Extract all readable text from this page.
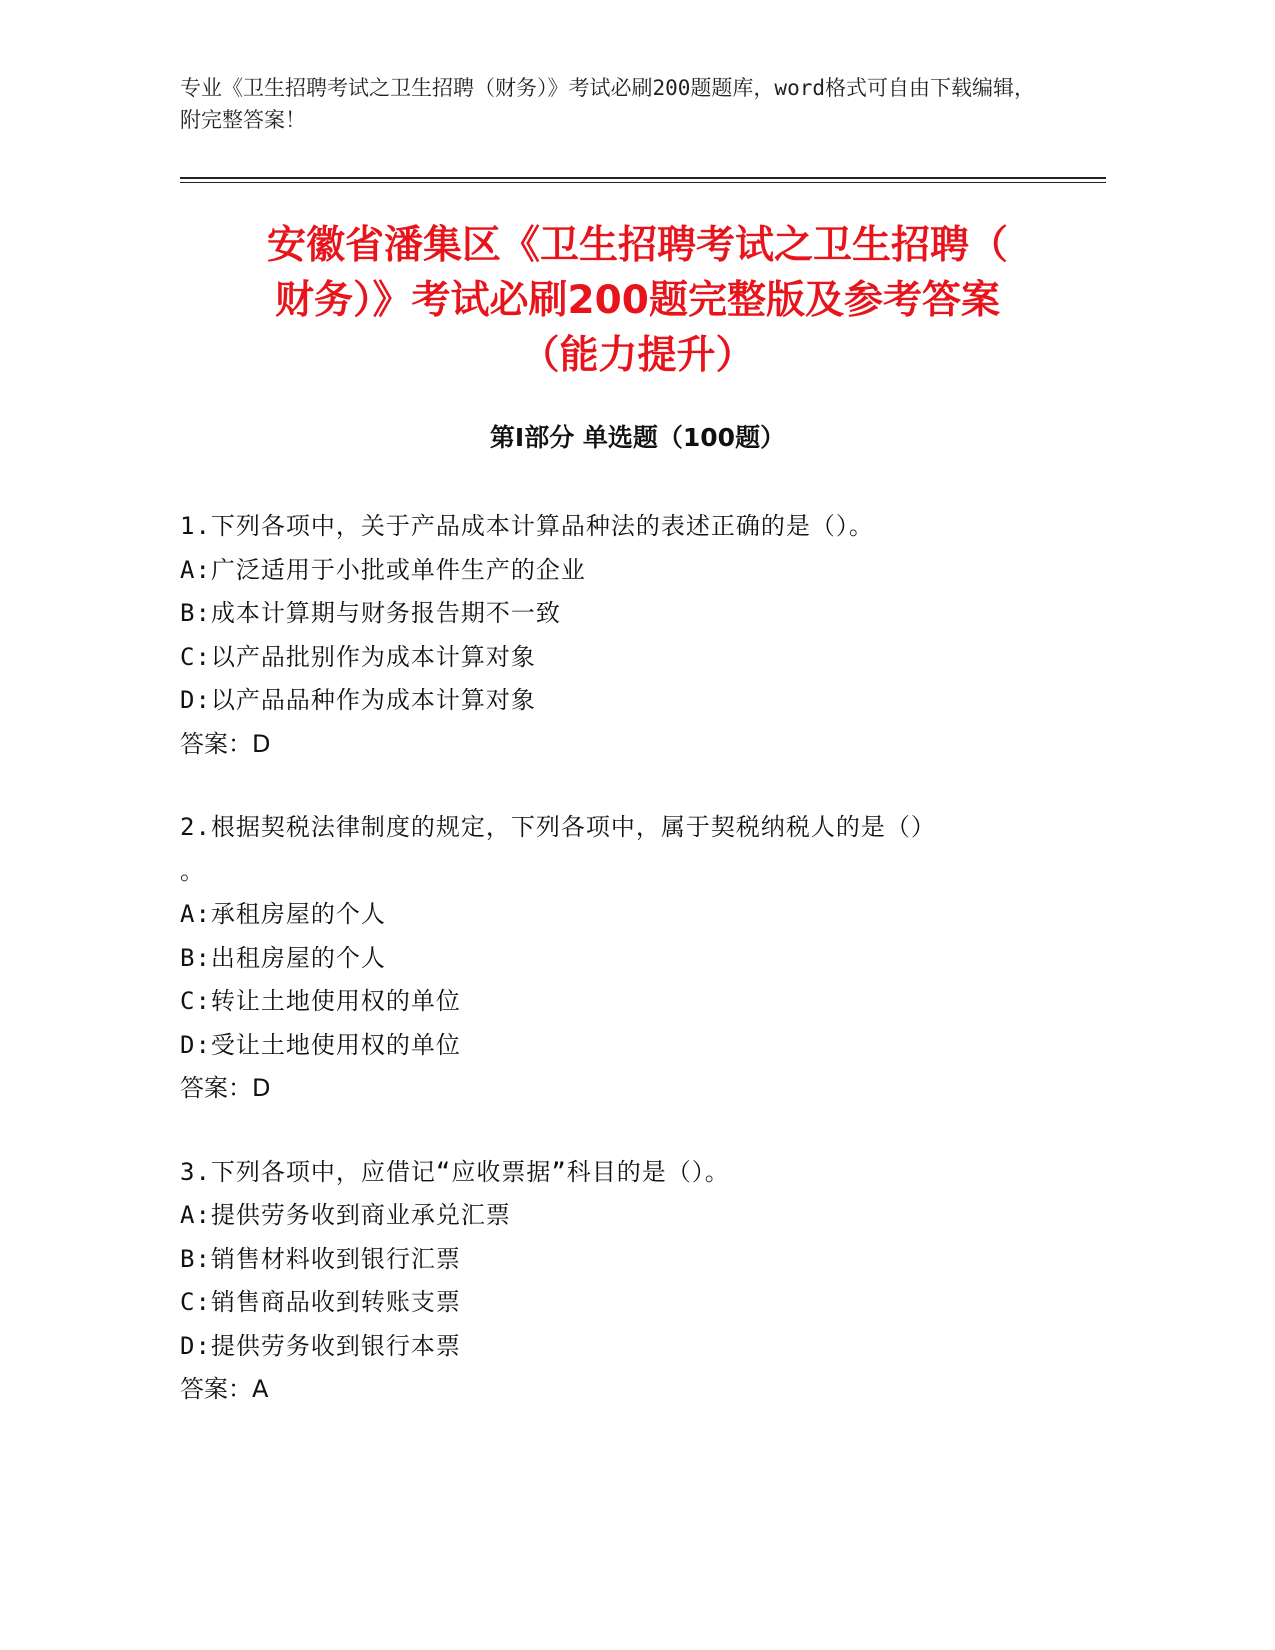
专业《卫生招聘考试之卫生招聘（财务）》考试必刷200题题库，word格式可自由下载编辑，附完整答案！
安徽省潘集区《卫生招聘考试之卫生招聘（
财务）》考试必刷200题完整版及参考答案
（能力提升）
第Ⅰ部分 单选题（100题）
1.下列各项中，关于产品成本计算品种法的表述正确的是（）。
A:广泛适用于小批或单件生产的企业
B:成本计算期与财务报告期不一致
C:以产品批别作为成本计算对象
D:以产品品种作为成本计算对象
答案：D
2.根据契税法律制度的规定，下列各项中，属于契税纳税人的是（）
。
A:承租房屋的个人
B:出租房屋的个人
C:转让土地使用权的单位
D:受让土地使用权的单位
答案：D
3.下列各项中，应借记“应收票据”科目的是（）。
A:提供劳务收到商业承兑汇票
B:销售材料收到银行汇票
C:销售商品收到转账支票
D:提供劳务收到银行本票
答案：A
